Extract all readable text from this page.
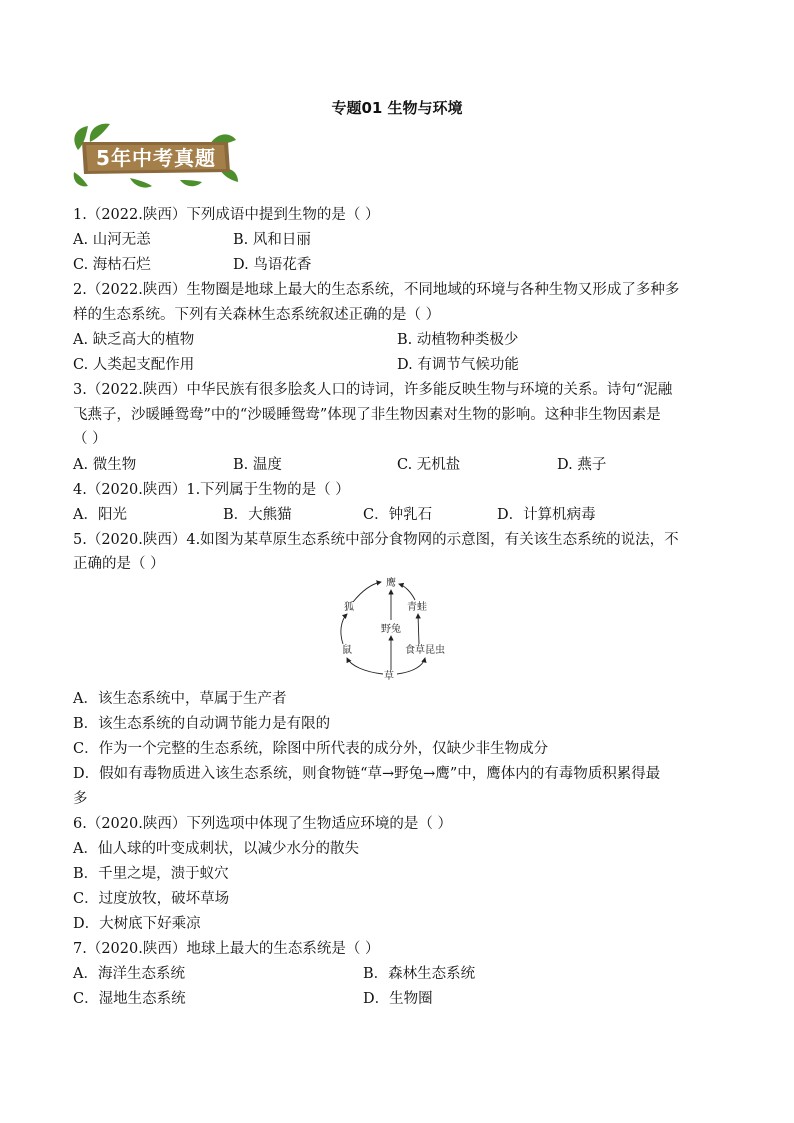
专题01 生物与环境
5年中考真题
1.（2022.陕西）下列成语中提到生物的是（ ）
A. 山河无恙	B. 风和日丽
C. 海枯石烂	D. 鸟语花香
2.（2022.陕西）生物圈是地球上最大的生态系统，不同地域的环境与各种生物又形成了多种多
样的生态系统。下列有关森林生态系统叙述正确的是（ ）
A. 缺乏高大的植物	B. 动植物种类极少
C. 人类起支配作用	D. 有调节气候功能
3.（2022.陕西）中华民族有很多脍炙人口的诗词，许多能反映生物与环境的关系。诗句“泥融
飞燕子，沙暖睡鸳鸯”中的“沙暖睡鸳鸯”体现了非生物因素对生物的影响。这种非生物因素是
（ ）
A. 微生物	B. 温度	C. 无机盐	D. 燕子
4.（2020.陕西）1.下列属于生物的是（ ）
A．阳光	B．大熊猫	C．钟乳石	D．计算机病毒
5.（2020.陕西）4.如图为某草原生态系统中部分食物网的示意图，有关该生态系统的说法，不
正确的是（ ）
鹰
青蛙
狐
野兔
鼠	食草昆虫
草
A．该生态系统中，草属于生产者
B．该生态系统的自动调节能力是有限的
C．作为一个完整的生态系统，除图中所代表的成分外，仅缺少非生物成分
D．假如有毒物质进入该生态系统，则食物链“草→野兔→鹰”中，鹰体内的有毒物质积累得最
多
6.（2020.陕西）下列选项中体现了生物适应环境的是（ ）
A．仙人球的叶变成刺状，以减少水分的散失
B．千里之堤，溃于蚁穴
C．过度放牧，破坏草场
D．大树底下好乘凉
7.（2020.陕西）地球上最大的生态系统是（ ）
A．海洋生态系统	B．森林生态系统
C．湿地生态系统	D．生物圈
